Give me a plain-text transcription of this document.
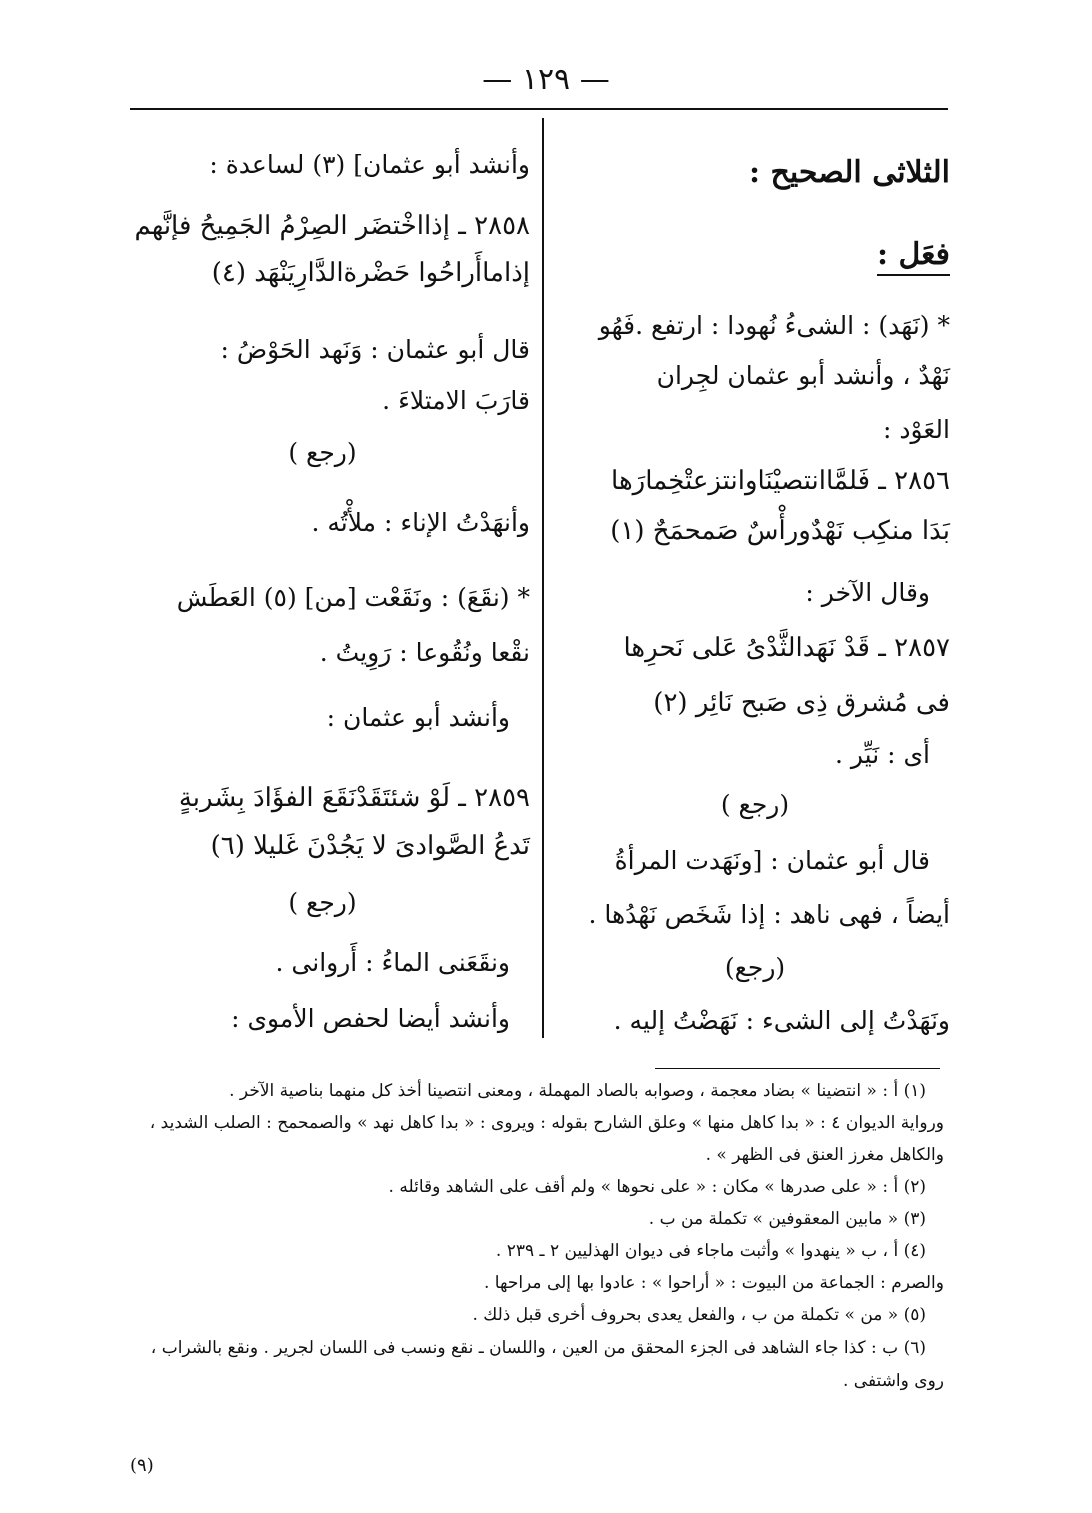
— ١٢٩ —
الثلاثى الصحيح :
فعَل :
* (نَهَد) : الشىءُ نُهودا : ارتفع .فَهُو
نَهْدٌ ، وأنشد أبو عثمان لجِران
العَوْد :
٢٨٥٦ ـ فَلمَّاانتصيْنَاوانتزعتْخِمارَها
بَدَا منكِب نَهْدٌورأْسٌ صَمحمَحٌ (١)
وقال الآخر :
٢٨٥٧ ـ قَدْ نَهَدالثَّدْىُ عَلى نَحرِها
فى مُشرق ذِى صَبح نَائِر (٢)
أى : نَيِّر .
(رجع )
قال أبو عثمان : [ونَهَدت المرأةُ
أيضاً ، فهى ناهد : إذا شَخَص نَهْدُها .
(رجع)
ونَهَدْتُ إلى الشىء : نَهَضْتُ إليه .
وأنشد أبو عثمان] (٣) لساعدة :
٢٨٥٨ ـ إذااخْتضَر الصِرْمُ الجَمِيحُ فإنَّهم
إذاماأَراحُوا حَضْرةالدَّارِيَنْهَد (٤)
قال أبو عثمان : وَنَهد الحَوْضُ :
قارَبَ الامتلاءَ .
(رجع )
وأنهَدْتُ الإناء : ملأْتُه .
* (نقَعَ) : ونَقَعْت [من] (٥) العَطَش
نقْعا ونُقُوعا : رَوِيتُ .
وأنشد أبو عثمان :
٢٨٥٩ ـ لَوْ شئتَقَدْنَقَعَ الفؤَادَ بِشَربةٍ
تَدعُ الصَّوادىَ لا يَجُدْنَ غَليلا (٦)
(رجع )
ونقَعَنى الماءُ : أَروانى .
وأنشد أيضا لحفص الأموى :
(١) أ : « انتضينا » بضاد معجمة ، وصوابه بالصاد المهملة ، ومعنى انتصينا أخذ كل منهما بناصية الآخر .
ورواية الديوان ٤ : « بدا كاهل منها » وعلق الشارح بقوله : ويروى : « بدا كاهل نهد » والصمحمح : الصلب الشديد ،
والكاهل مغرز العنق فى الظهر » .
(٢) أ : « على صدرها » مكان : « على نحوها » ولم أقف على الشاهد وقائله .
(٣) « مابين المعقوفين » تكملة من ب .
(٤) أ ، ب « ينهدوا » وأثبت ماجاء فى ديوان الهذليين ٢ ـ ٢٣٩ .
والصرم : الجماعة من البيوت : « أراحوا » : عادوا بها إلى مراحها .
(٥) « من » تكملة من ب ، والفعل يعدى بحروف أخرى قبل ذلك .
(٦) ب : كذا جاء الشاهد فى الجزء المحقق من العين ، واللسان ـ نقع ونسب فى اللسان لجرير . ونقع بالشراب ،
روى واشتفى .
(٩)
